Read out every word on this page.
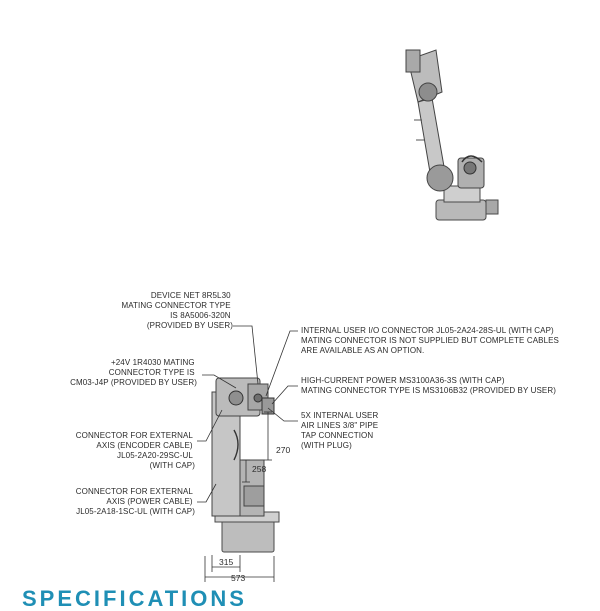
DEVICE NET 8R5L30 MATING CONNECTOR TYPE IS 8A5006-320N (PROVIDED BY USER)
+24V 1R4030 MATING CONNECTOR TYPE IS CM03-J4P (PROVIDED BY USER)
CONNECTOR FOR EXTERNAL AXIS (ENCODER CABLE) JL05-2A20-29SC-UL (WITH CAP)
CONNECTOR FOR EXTERNAL AXIS (POWER CABLE) JL05-2A18-1SC-UL (WITH CAP)
INTERNAL USER I/O CONNECTOR JL05-2A24-28S-UL (WITH CAP) MATING CONNECTOR IS NOT SUPPLIED BUT COMPLETE CABLES ARE AVAILABLE AS AN OPTION.
HIGH-CURRENT POWER MS3100A36-3S (WITH CAP) MATING CONNECTOR TYPE IS MS3106B32 (PROVIDED BY USER)
5X INTERNAL USER AIR LINES 3/8" PIPE TAP CONNECTION (WITH PLUG)
270
258
315
573
SPECIFICATIONS
